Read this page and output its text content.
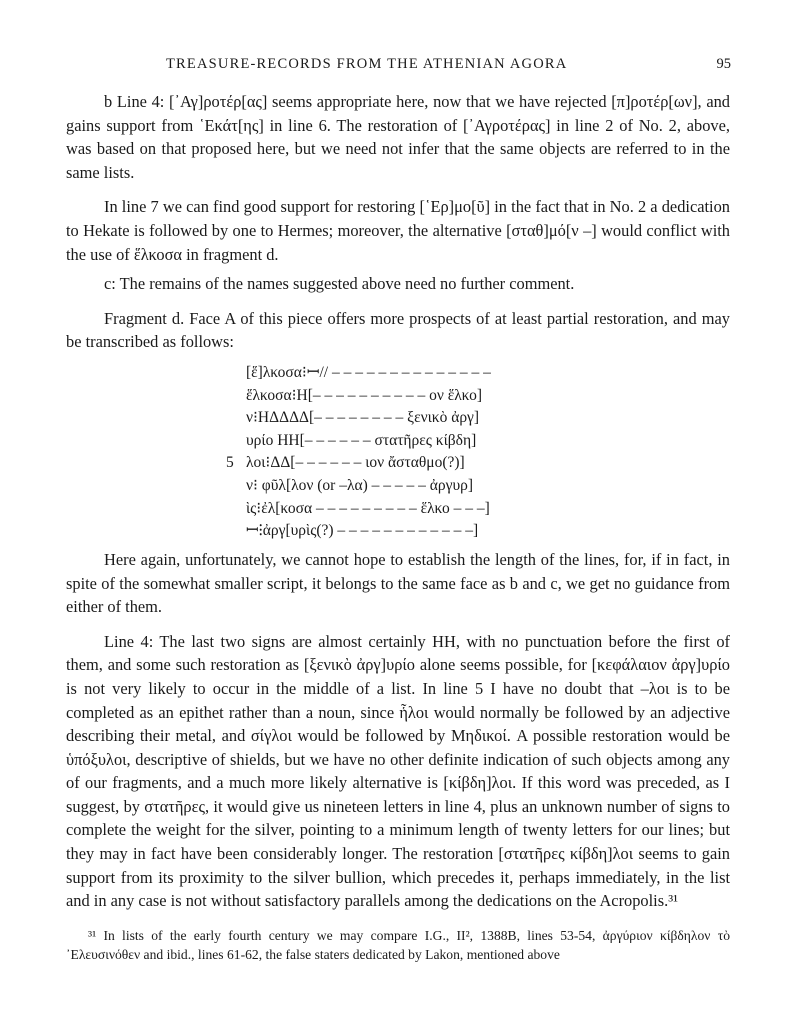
TREASURE-RECORDS FROM THE ATHENIAN AGORA	95

b Line 4: [᾿Αγ]ροτέρ[ας] seems appropriate here, now that we have rejected [π]ροτέρ[ων], and gains support from ῾Εκάτ[ης] in line 6. The restoration of [᾿Αγροτέρας] in line 2 of No. 2, above, was based on that proposed here, but we need not infer that the same objects are referred to in the same lists.

In line 7 we can find good support for restoring [῾Ερ]μο[ῦ] in the fact that in No. 2 a dedication to Hekate is followed by one to Hermes; moreover, the alternative [σταθ]μό[ν –] would conflict with the use of ἕλκοσα in fragment d.

c: The remains of the names suggested above need no further comment.

Fragment d. Face A of this piece offers more prospects of at least partial restoration, and may be transcribed as follows:

[ἕ]λκοσα⁝ꟷ// – – – – – – – – – – – – – –
ἕλκοσα⁝H[– – – – – – – – – – ον ἕλκο]
ν⁝HΔΔΔΔ[– – – – – – – – ξενικὸ ἀργ]
υρίο HH[– – – – – – στατῆρες κίβδη]
5 λοι⁝ΔΔ[– – – – – – ιον ἄσταθμο(?)]
ν⁝ φῦλ[λον (or –λα) – – – – – ἀργυρ]
ὶς⁝ἐλ[κοσα – – – – – – – – – ἕλκο – – –]
ꟷ⁝ἀργ[υρὶς(?) – – – – – – – – – – – –]

Here again, unfortunately, we cannot hope to establish the length of the lines, for, if in fact, in spite of the somewhat smaller script, it belongs to the same face as b and c, we get no guidance from either of them.

Line 4: The last two signs are almost certainly HH, with no punctuation before the first of them, and some such restoration as [ξενικὸ ἀργ]υρίο alone seems possible, for [κεφάλαιον ἀργ]υρίο is not very likely to occur in the middle of a list. In line 5 I have no doubt that –λοι is to be completed as an epithet rather than a noun, since ἧλοι would normally be followed by an adjective describing their metal, and σίγλοι would be followed by Μηδικοί. A possible restoration would be ὑπόξυλοι, descriptive of shields, but we have no other definite indication of such objects among any of our fragments, and a much more likely alternative is [κίβδη]λοι. If this word was preceded, as I suggest, by στατῆρες, it would give us nineteen letters in line 4, plus an unknown number of signs to complete the weight for the silver, pointing to a minimum length of twenty letters for our lines; but they may in fact have been considerably longer. The restoration [στατῆρες κίβδη]λοι seems to gain support from its proximity to the silver bullion, which precedes it, perhaps immediately, in the list and in any case is not without satisfactory parallels among the dedications on the Acropolis.³¹

³¹ In lists of the early fourth century we may compare I.G., II², 1388B, lines 53-54, ἀργύριον κίβδηλον τὸ ᾿Ελευσινόθεν and ibid., lines 61-62, the false staters dedicated by Lakon, mentioned above
